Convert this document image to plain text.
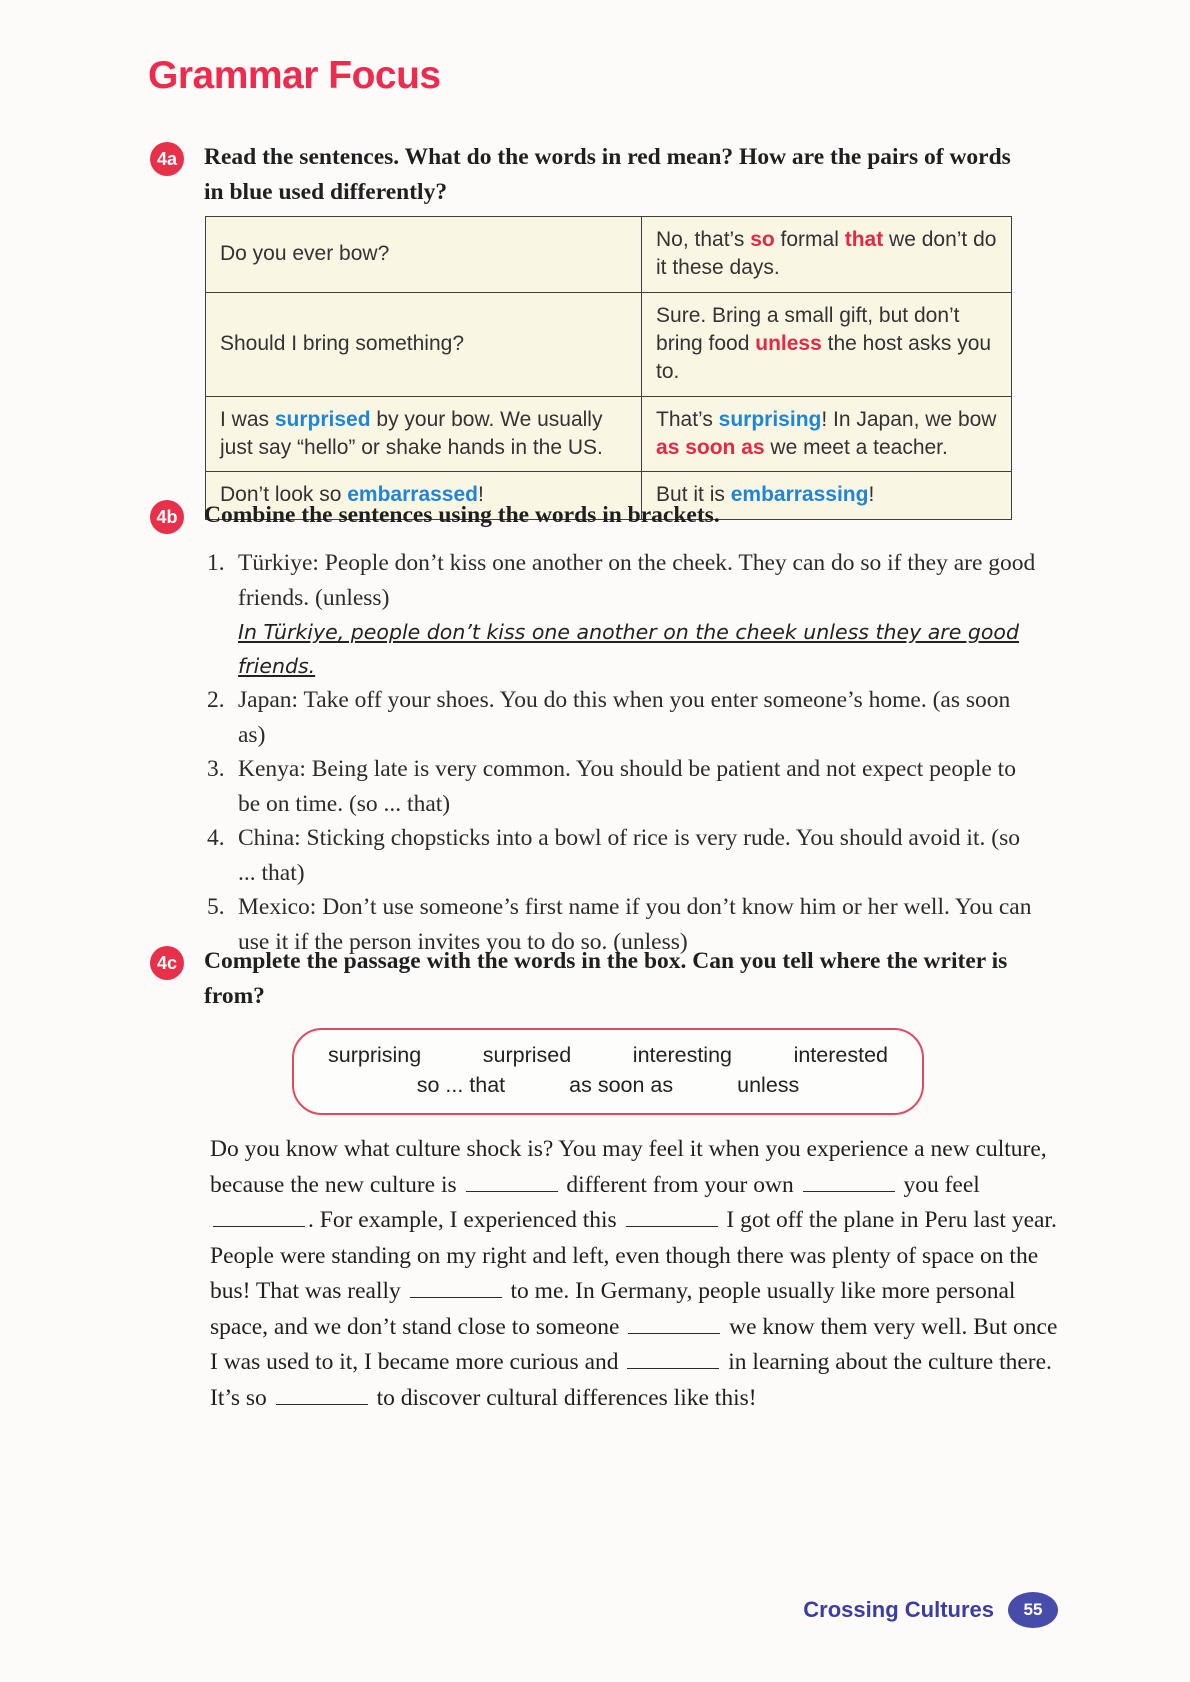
Grammar Focus
4a Read the sentences. What do the words in red mean? How are the pairs of words in blue used differently?

Do you ever bow?	No, that’s so formal that we don’t do it these days.
Should I bring something?	Sure. Bring a small gift, but don’t bring food unless the host asks you to.
I was surprised by your bow. We usually just say “hello” or shake hands in the US.	That’s surprising! In Japan, we bow as soon as we meet a teacher.
Don’t look so embarrassed!	But it is embarrassing!
4b Combine the sentences using the words in brackets.

1. Türkiye: People don’t kiss one another on the cheek. They can do so if they are good friends. (unless)
In Türkiye, people don’t kiss one another on the cheek unless they are good friends.
2. Japan: Take off your shoes. You do this when you enter someone’s home. (as soon as)
3. Kenya: Being late is very common. You should be patient and not expect people to be on time. (so ... that)
4. China: Sticking chopsticks into a bowl of rice is very rude. You should avoid it. (so ... that)
5. Mexico: Don’t use someone’s first name if you don’t know him or her well. You can use it if the person invites you to do so. (unless)
4c Complete the passage with the words in the box. Can you tell where the writer is from?

surprising	surprised	interesting	interested
so ... that	as soon as	unless

Do you know what culture shock is? You may feel it when you experience a new culture, because the new culture is	different from your own	you feel . For example, I experienced this	I got off the plane in Peru last year. People were standing on my right and left, even though there was plenty of space on the bus! That was really	to me. In Germany, people usually like more personal space, and we don’t stand close to someone	we know them very well. But once I was used to it, I became more curious and	in learning about the culture there. It’s so	to discover cultural differences like this!

Crossing Cultures	55
